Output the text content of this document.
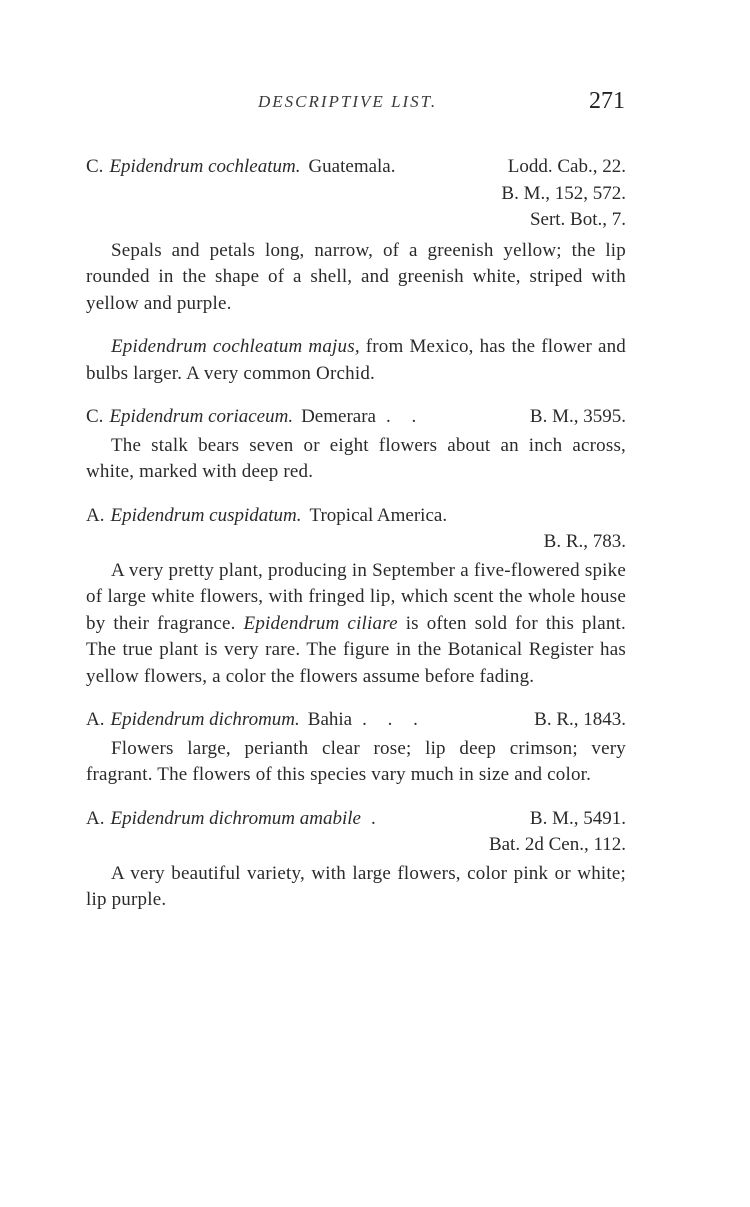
DESCRIPTIVE LIST.	271
C. Epidendrum cochleatum. Guatemala.	Lodd. Cab., 22.
B. M., 152, 572.
Sert. Bot., 7.

Sepals and petals long, narrow, of a greenish yellow; the lip rounded in the shape of a shell, and greenish white, striped with yellow and purple.

Epidendrum cochleatum majus, from Mexico, has the flower and bulbs larger. A very common Orchid.

C. Epidendrum coriaceum. Demerara . .	B. M., 3595.

The stalk bears seven or eight flowers about an inch across, white, marked with deep red.

A. Epidendrum cuspidatum. Tropical America.
B. R., 783.

A very pretty plant, producing in September a five-flowered spike of large white flowers, with fringed lip, which scent the whole house by their fragrance. Epidendrum ciliare is often sold for this plant. The true plant is very rare. The figure in the Botanical Register has yellow flowers, a color the flowers assume before fading.

A. Epidendrum dichromum. Bahia . . .	B. R., 1843.

Flowers large, perianth clear rose; lip deep crimson; very fragrant. The flowers of this species vary much in size and color.

A. Epidendrum dichromum amabile .	B. M., 5491.
Bat. 2d Cen., 112.

A very beautiful variety, with large flowers, color pink or white; lip purple.
